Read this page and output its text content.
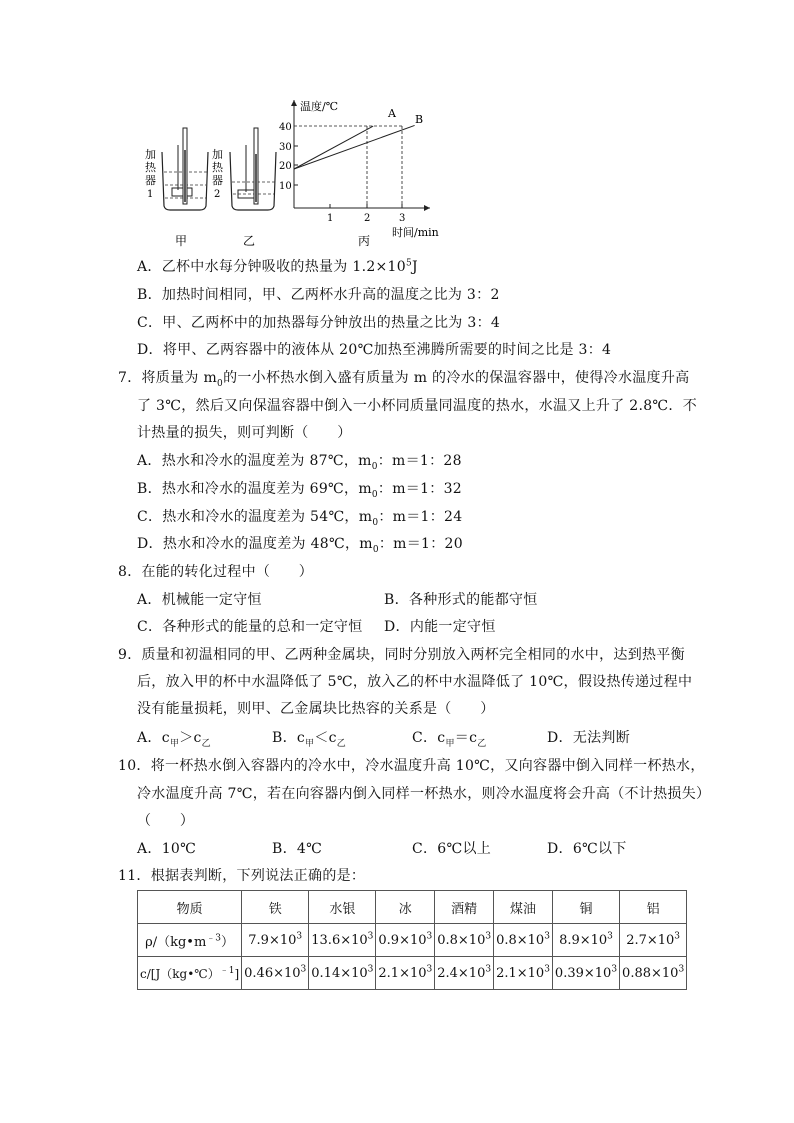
加
热
器
1
加
热
器
2
温度/℃
时间/min
10
20
30
40
1	2	3
A B
甲	乙	丙
A．乙杯中水每分钟吸收的热量为 $1.2\times 10^5J$
B．加热时间相同，甲、乙两杯水升高的温度之比为 3：2
C．甲、乙两杯中的加热器每分钟放出的热量之比为 3：4
D．将甲、乙两容器中的液体从 20℃加热至沸腾所需要的时间之比是 3：4
7．将质量为 $m_0$的一小杯热水倒入盛有质量为 m 的冷水的保温容器中，使得冷水温度升高
了 3℃，然后又向保温容器中倒入一小杯同质量同温度的热水，水温又上升了 2.8℃．不
计热量的损失，则可判断（　　）
A．热水和冷水的温度差为 87℃，$m_0$：m＝1：28
B．热水和冷水的温度差为 69℃，$m_0$：m＝1：32
C．热水和冷水的温度差为 54℃，$m_0$：m＝1：24
D．热水和冷水的温度差为 48℃，$m_0$：m＝1：20
8．在能的转化过程中（　　）
A．机械能一定守恒	B．各种形式的能都守恒
C．各种形式的能量的总和一定守恒 D．内能一定守恒
9．质量和初温相同的甲、乙两种金属块，同时分别放入两杯完全相同的水中，达到热平衡
后，放入甲的杯中水温降低了 5℃，放入乙的杯中水温降低了 10℃，假设热传递过程中
没有能量损耗，则甲、乙金属块比热容的关系是（　　）
A．$c_甲>c_乙$	B．$c_甲<c_乙$	C．$c_甲=c_乙$	D．无法判断
10．将一杯热水倒入容器内的冷水中，冷水温度升高 10℃，又向容器中倒入同样一杯热水，
冷水温度升高 7℃，若在向容器内倒入同样一杯热水，则冷水温度将会升高（不计热损失）
（　　）
A．10℃	B．4℃	C．6℃以上	D．6℃以下
11．根据表判断，下列说法正确的是：
物质	铁	水银	冰	酒精	煤油	铜	铝
$\rho/(kg•m^{﹣3})$	$7.9\times 10^3$	$13.6\times 10^3$	$0.9\times 10^3$	$0.8\times 10^3$	$0.8\times 10^3$	$8.9\times 10^3$	$2.7\times 10^3$
c/[J（kg•℃）$^{﹣1}$]	$0.46\times 10^3$	$0.14\times 10^3$	$2.1\times 10^3$	$2.4\times 10^3$	$2.1\times 10^3$	$0.39\times 10^3$	$0.88\times 10^3$
